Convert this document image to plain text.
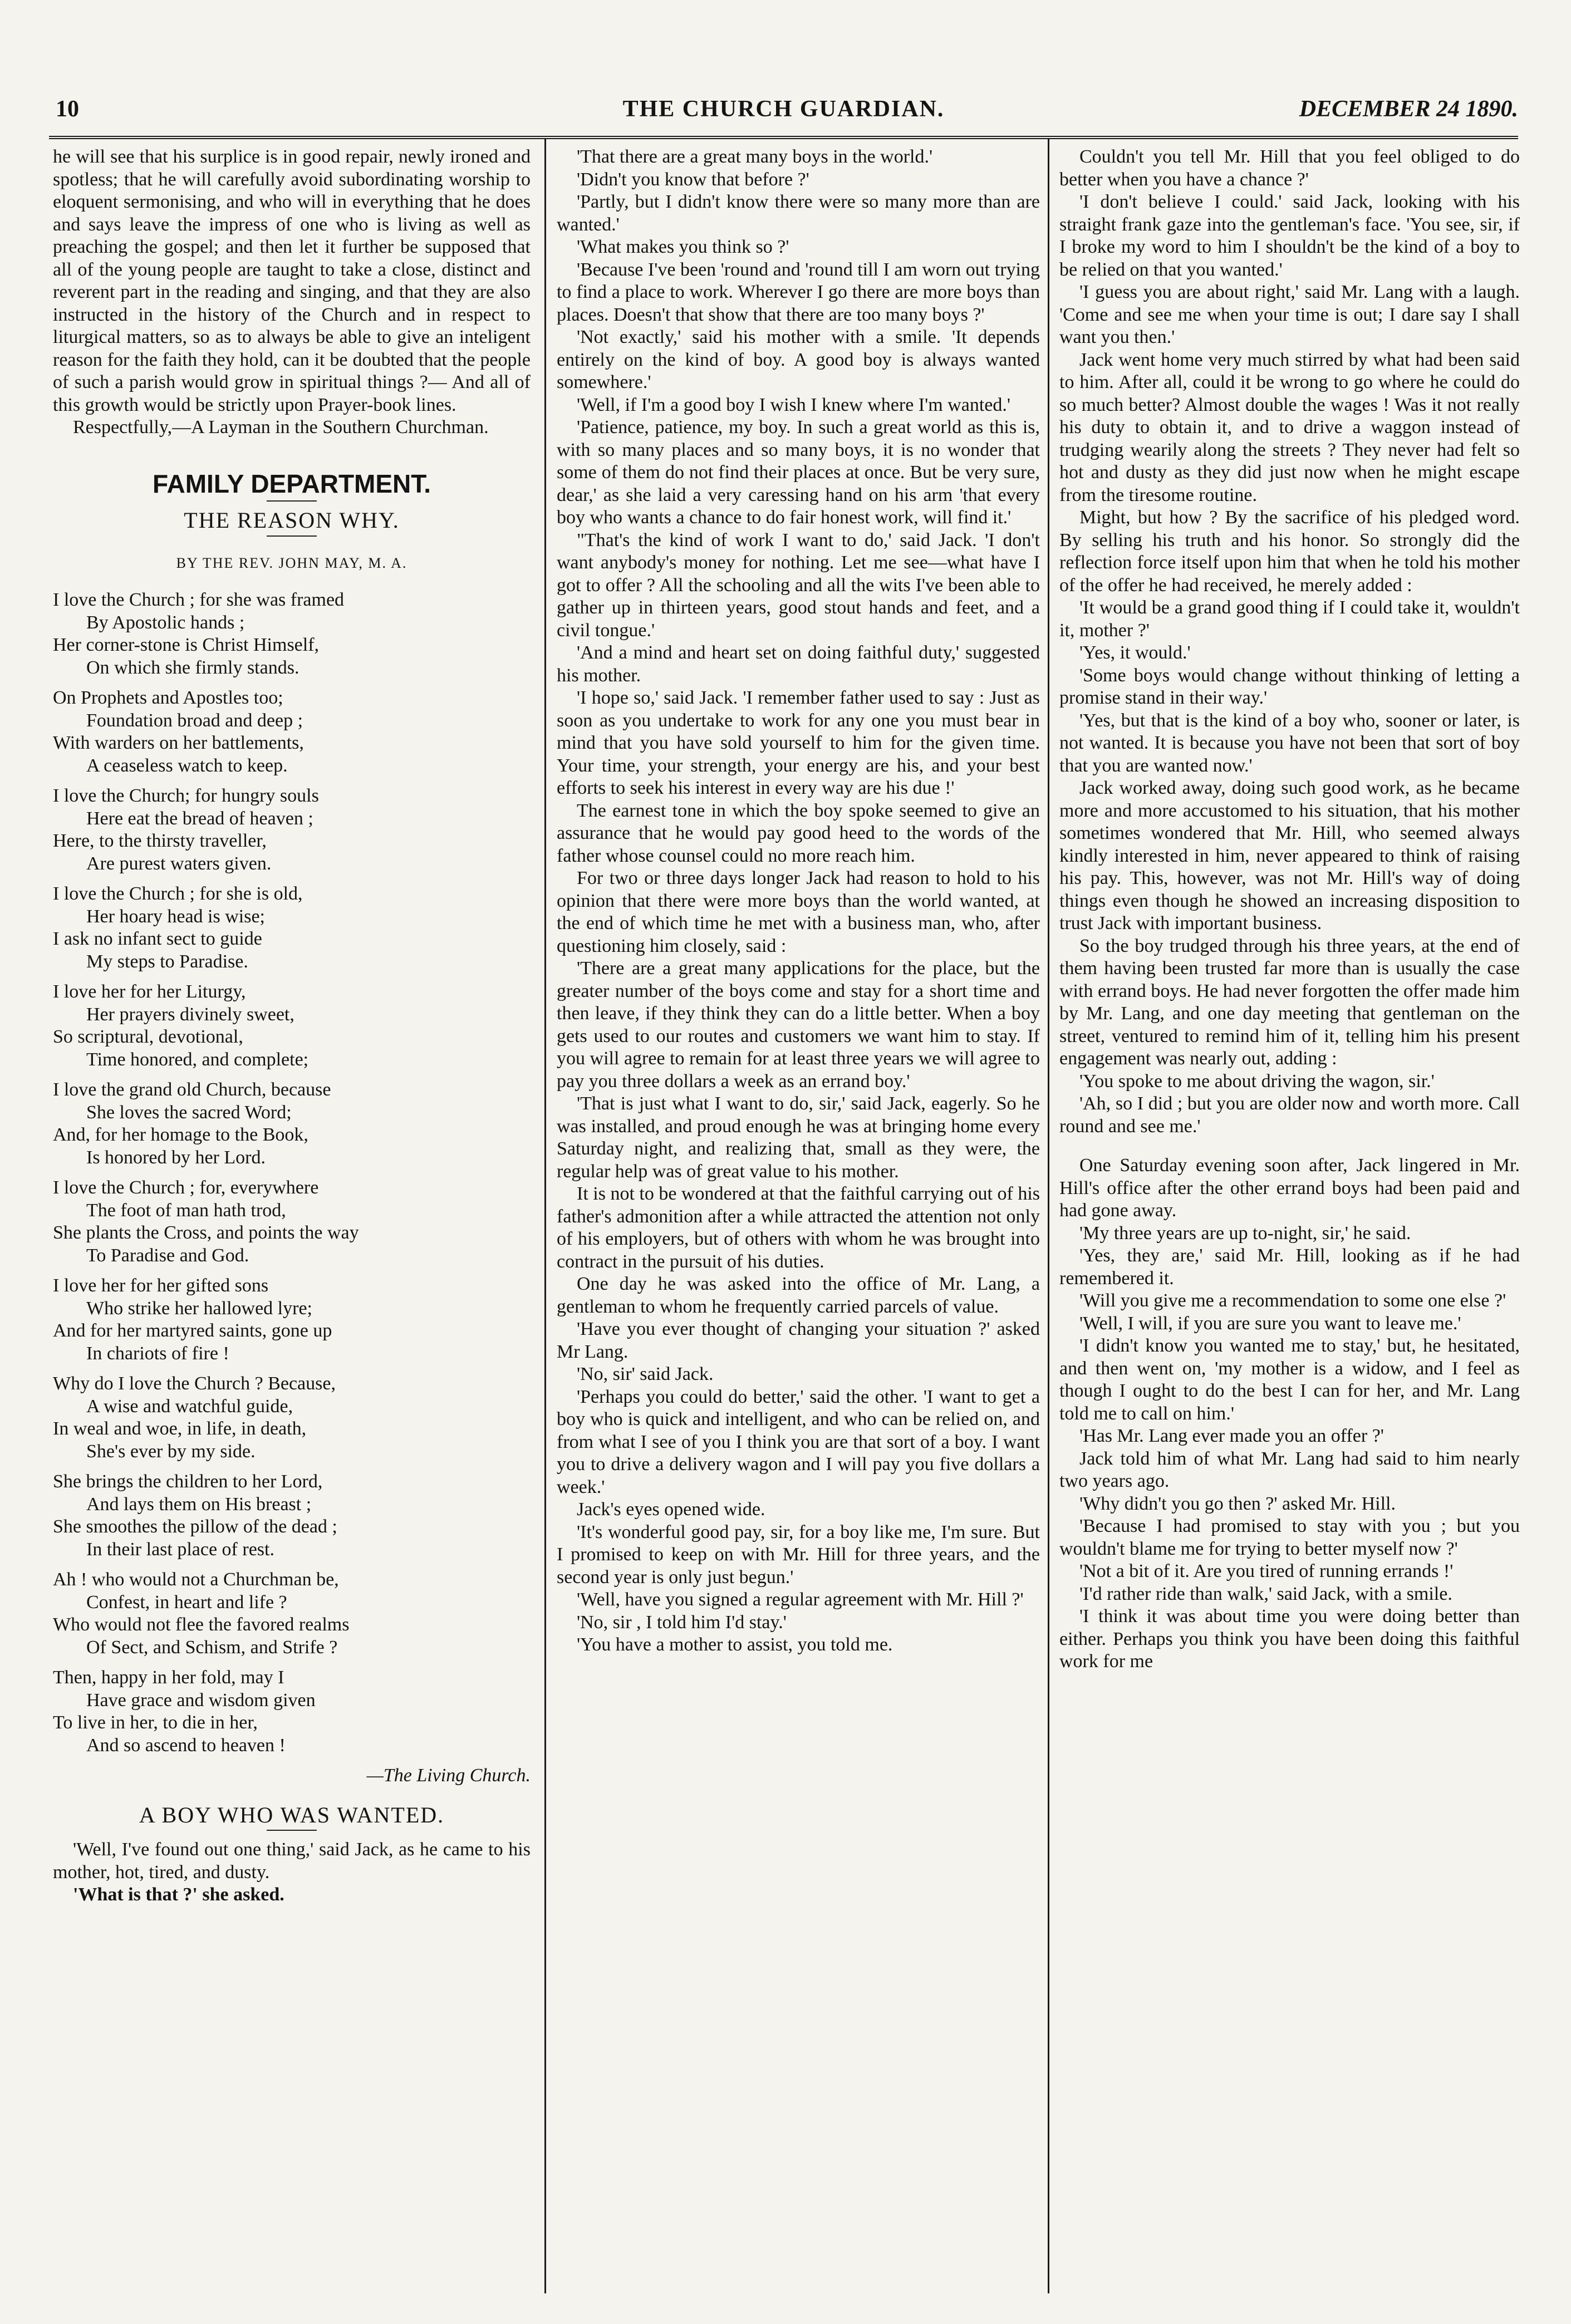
10	THE CHURCH GUARDIAN.	DECEMBER 24 1890.

he will see that his surplice is in good repair, newly ironed and spotless; that he will carefully avoid subordinating worship to eloquent sermonising, and who will in everything that he does and says leave the impress of one who is living as well as preaching the gospel; and then let it further be supposed that all of the young people are taught to take a close, distinct and reverent part in the reading and singing, and that they are also instructed in the history of the Church and in respect to liturgical matters, so as to always be able to give an inteligent reason for the faith they hold, can it be doubted that the people of such a parish would grow in spiritual things ?— And all of this growth would be strictly upon Prayer-book lines.

Respectfully,—A Layman in the Southern Churchman.

FAMILY DEPARTMENT.
THE REASON WHY.
BY THE REV. JOHN MAY, M. A.
I love the Church ; for she was framed
By Apostolic hands ;
Her corner-stone is Christ Himself,
On which she firmly stands.
On Prophets and Apostles too;
Foundation broad and deep ;
With warders on her battlements,
A ceaseless watch to keep.
I love the Church; for hungry souls
Here eat the bread of heaven ;
Here, to the thirsty traveller,
Are purest waters given.
I love the Church ; for she is old,
Her hoary head is wise;
I ask no infant sect to guide
My steps to Paradise.
I love her for her Liturgy,
Her prayers divinely sweet,
So scriptural, devotional,
Time honored, and complete;
I love the grand old Church, because
She loves the sacred Word;
And, for her homage to the Book,
Is honored by her Lord.
I love the Church ; for, everywhere
The foot of man hath trod,
She plants the Cross, and points the way
To Paradise and God.
I love her for her gifted sons
Who strike her hallowed lyre;
And for her martyred saints, gone up
In chariots of fire !
Why do I love the Church ? Because,
A wise and watchful guide,
In weal and woe, in life, in death,
She's ever by my side.
She brings the children to her Lord,
And lays them on His breast ;
She smoothes the pillow of the dead ;
In their last place of rest.
Ah ! who would not a Churchman be,
Confest, in heart and life ?
Who would not flee the favored realms
Of Sect, and Schism, and Strife ?
Then, happy in her fold, may I
Have grace and wisdom given
To live in her, to die in her,
And so ascend to heaven !
—The Living Church.
A BOY WHO WAS WANTED.

'Well, I've found out one thing,' said Jack, as he came to his mother, hot, tired, and dusty.

'What is that ?' she asked.

'That there are a great many boys in the world.'

'Didn't you know that before ?'

'Partly, but I didn't know there were so many more than are wanted.'

'What makes you think so ?'

'Because I've been 'round and 'round till I am worn out trying to find a place to work. Wherever I go there are more boys than places. Doesn't that show that there are too many boys ?'

'Not exactly,' said his mother with a smile. 'It depends entirely on the kind of boy. A good boy is always wanted somewhere.'

'Well, if I'm a good boy I wish I knew where I'm wanted.'

'Patience, patience, my boy. In such a great world as this is, with so many places and so many boys, it is no wonder that some of them do not find their places at once. But be very sure, dear,' as she laid a very caressing hand on his arm 'that every boy who wants a chance to do fair honest work, will find it.'

"That's the kind of work I want to do,' said Jack. 'I don't want anybody's money for nothing. Let me see—what have I got to offer ? All the schooling and all the wits I've been able to gather up in thirteen years, good stout hands and feet, and a civil tongue.'

'And a mind and heart set on doing faithful duty,' suggested his mother.

'I hope so,' said Jack. 'I remember father used to say : Just as soon as you undertake to work for any one you must bear in mind that you have sold yourself to him for the given time. Your time, your strength, your energy are his, and your best efforts to seek his interest in every way are his due !'

The earnest tone in which the boy spoke seemed to give an assurance that he would pay good heed to the words of the father whose counsel could no more reach him.

For two or three days longer Jack had reason to hold to his opinion that there were more boys than the world wanted, at the end of which time he met with a business man, who, after questioning him closely, said :

'There are a great many applications for the place, but the greater number of the boys come and stay for a short time and then leave, if they think they can do a little better. When a boy gets used to our routes and customers we want him to stay. If you will agree to remain for at least three years we will agree to pay you three dollars a week as an errand boy.'

'That is just what I want to do, sir,' said Jack, eagerly. So he was installed, and proud enough he was at bringing home every Saturday night, and realizing that, small as they were, the regular help was of great value to his mother.

It is not to be wondered at that the faithful carrying out of his father's admonition after a while attracted the attention not only of his employers, but of others with whom he was brought into contract in the pursuit of his duties.

One day he was asked into the office of Mr. Lang, a gentleman to whom he frequently carried parcels of value.

'Have you ever thought of changing your situation ?' asked Mr Lang.

'No, sir' said Jack.

'Perhaps you could do better,' said the other. 'I want to get a boy who is quick and intelligent, and who can be relied on, and from what I see of you I think you are that sort of a boy. I want you to drive a delivery wagon and I will pay you five dollars a week.'

Jack's eyes opened wide.

'It's wonderful good pay, sir, for a boy like me, I'm sure. But I promised to keep on with Mr. Hill for three years, and the second year is only just begun.'

'Well, have you signed a regular agreement with Mr. Hill ?'

'No, sir , I told him I'd stay.'

'You have a mother to assist, you told me.

Couldn't you tell Mr. Hill that you feel obliged to do better when you have a chance ?'

'I don't believe I could.' said Jack, looking with his straight frank gaze into the gentleman's face. 'You see, sir, if I broke my word to him I shouldn't be the kind of a boy to be relied on that you wanted.'

'I guess you are about right,' said Mr. Lang with a laugh. 'Come and see me when your time is out; I dare say I shall want you then.'

Jack went home very much stirred by what had been said to him. After all, could it be wrong to go where he could do so much better? Almost double the wages ! Was it not really his duty to obtain it, and to drive a waggon instead of trudging wearily along the streets ? They never had felt so hot and dusty as they did just now when he might escape from the tiresome routine.

Might, but how ? By the sacrifice of his pledged word. By selling his truth and his honor. So strongly did the reflection force itself upon him that when he told his mother of the offer he had received, he merely added :

'It would be a grand good thing if I could take it, wouldn't it, mother ?'

'Yes, it would.'

'Some boys would change without thinking of letting a promise stand in their way.'

'Yes, but that is the kind of a boy who, sooner or later, is not wanted. It is because you have not been that sort of boy that you are wanted now.'

Jack worked away, doing such good work, as he became more and more accustomed to his situation, that his mother sometimes wondered that Mr. Hill, who seemed always kindly interested in him, never appeared to think of raising his pay. This, however, was not Mr. Hill's way of doing things even though he showed an increasing disposition to trust Jack with important business.

So the boy trudged through his three years, at the end of them having been trusted far more than is usually the case with errand boys. He had never forgotten the offer made him by Mr. Lang, and one day meeting that gentleman on the street, ventured to remind him of it, telling him his present engagement was nearly out, adding :

'You spoke to me about driving the wagon, sir.'

'Ah, so I did ; but you are older now and worth more. Call round and see me.'

One Saturday evening soon after, Jack lingered in Mr. Hill's office after the other errand boys had been paid and had gone away.

'My three years are up to-night, sir,' he said.

'Yes, they are,' said Mr. Hill, looking as if he had remembered it.

'Will you give me a recommendation to some one else ?'

'Well, I will, if you are sure you want to leave me.'

'I didn't know you wanted me to stay,' but, he hesitated, and then went on, 'my mother is a widow, and I feel as though I ought to do the best I can for her, and Mr. Lang told me to call on him.'

'Has Mr. Lang ever made you an offer ?'

Jack told him of what Mr. Lang had said to him nearly two years ago.

'Why didn't you go then ?' asked Mr. Hill.

'Because I had promised to stay with you ; but you wouldn't blame me for trying to better myself now ?'

'Not a bit of it. Are you tired of running errands !'

'I'd rather ride than walk,' said Jack, with a smile.

'I think it was about time you were doing better than either. Perhaps you think you have been doing this faithful work for me
